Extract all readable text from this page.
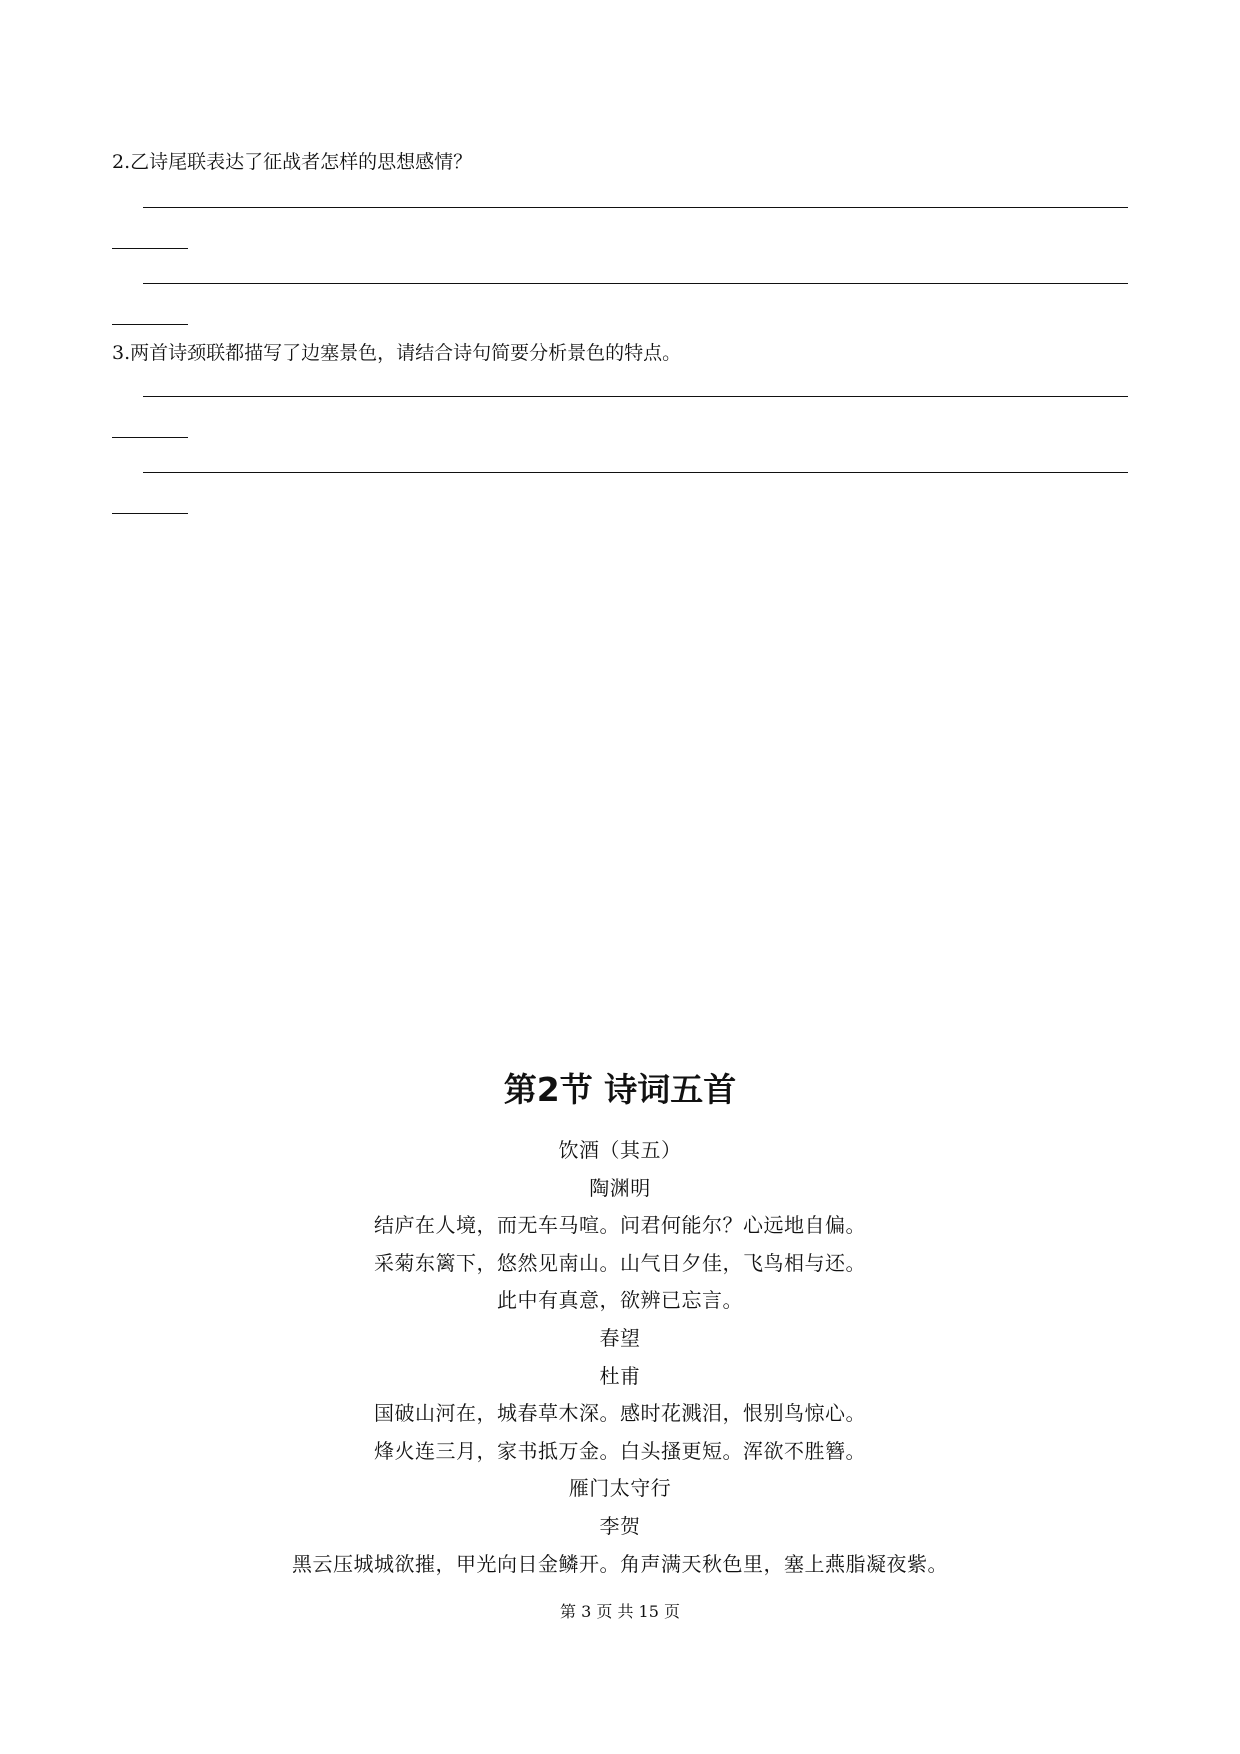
2.乙诗尾联表达了征战者怎样的思想感情？
3.两首诗颈联都描写了边塞景色，请结合诗句简要分析景色的特点。
第2节 诗词五首
饮酒（其五）
陶渊明
结庐在人境，而无车马喧。问君何能尔？心远地自偏。
采菊东篱下，悠然见南山。山气日夕佳，飞鸟相与还。
此中有真意，欲辨已忘言。
春望
杜甫
国破山河在，城春草木深。感时花溅泪，恨别鸟惊心。
烽火连三月，家书抵万金。白头搔更短。浑欲不胜簪。
雁门太守行
李贺
黑云压城城欲摧，甲光向日金鳞开。角声满天秋色里，塞上燕脂凝夜紫。
第 3 页 共 15 页
